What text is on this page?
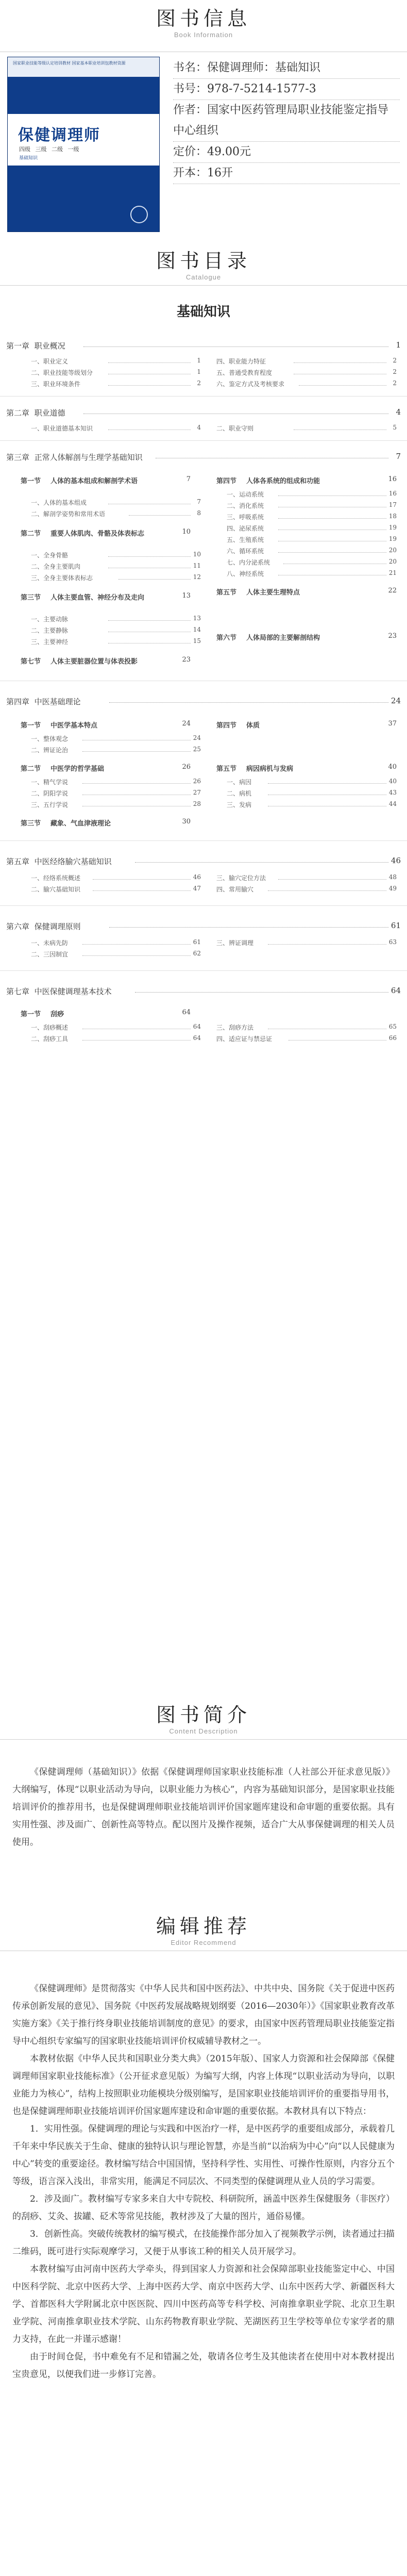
图书信息
Book Information
国家职业技能等级认定培训教材 国家基本职业培训包教材资源
保健调理师
四级 三级 二级 一级
基础知识
书名：保健调理师：基础知识
书号：978-7-5214-1577-3
作者：国家中医药管理局职业技能鉴定指导中心组织
定价：49.00元
开本：16开
图书目录
Catalogue
基础知识
第一章 职业概况	1
一、职业定义	1
二、职业技能等级划分	1
三、职业环境条件	2
四、职业能力特征	2
五、普通受教育程度	2
六、鉴定方式及考核要求	2
第二章 职业道德	4
一、职业道德基本知识	4	二、职业守则	5
第三章 正常人体解剖与生理学基础知识	7
第一节 人体的基本组成和解剖学术语	7
一、人体的基本组成	7
二、解剖学姿势和常用术语	8
第二节 重要人体肌肉、骨骼及体表标志	10
一、全身骨骼	10
二、全身主要肌肉	11
三、全身主要体表标志	12
第三节 人体主要血管、神经分布及走向	13
一、主要动脉	13
二、主要静脉	14
三、主要神经	15
第七节 人体主要脏器位置与体表投影	23
第四节 人体各系统的组成和功能	16
一、运动系统	16
二、消化系统	17
三、呼吸系统	18
四、泌尿系统	19
五、生殖系统	19
六、循环系统	20
七、内分泌系统	20
八、神经系统	21
第五节 人体主要生理特点	22
第六节 人体局部的主要解剖结构	23
第四章 中医基础理论	24
第一节 中医学基本特点	24
一、整体观念	24
二、辨证论治	25
第二节 中医学的哲学基础	26
一、精气学说	26
二、阴阳学说	27
三、五行学说	28
第三节 藏象、气血津液理论	30
第四节 体质	37
第五节 病因病机与发病	40
一、病因	40
二、病机	43
三、发病	44
第五章 中医经络腧穴基础知识	46
一、经络系统概述	46
二、腧穴基础知识	47
三、腧穴定位方法	48
四、常用腧穴	49
第六章 保健调理原则	61
一、未病先防	61
二、三因制宜	62
三、辨证调理	63
第七章 中医保健调理基本技术	64
第一节 刮痧	64
一、刮痧概述	64
二、刮痧工具	64
三、刮痧方法	65
四、适应证与禁忌证	66
图书简介
Content Description

《保健调理师（基础知识）》依据《保健调理师国家职业技能标准（人社部公开征求意见版）》大纲编写，体现“以职业活动为导向，以职业能力为核心”，内容为基础知识部分，是国家职业技能培训评价的推荐用书，也是保健调理师职业技能培训评价国家题库建设和命审题的重要依据。具有实用性强、涉及面广、创新性高等特点。配以图片及操作视频，适合广大从事保健调理的相关人员使用。

编辑推荐
Editor Recommend

《保健调理师》是贯彻落实《中华人民共和国中医药法》、中共中央、国务院《关于促进中医药传承创新发展的意见》、国务院《中医药发展战略规划纲要（2016—2030年）》《国家职业教育改革实施方案》《关于推行终身职业技能培训制度的意见》的要求，由国家中医药管理局职业技能鉴定指导中心组织专家编写的国家职业技能培训评价权威辅导教材之一。

本教材依据《中华人民共和国职业分类大典》（2015年版）、国家人力资源和社会保障部《保健调理师国家职业技能标准》（公开征求意见版）为编写大纲，内容上体现“以职业活动为导向，以职业能力为核心”，结构上按照职业功能模块分级别编写，是国家职业技能培训评价的重要指导用书，也是保健调理师职业技能培训评价国家题库建设和命审题的重要依据。本教材具有以下特点：

1．实用性强。保健调理的理论与实践和中医治疗一样，是中医药学的重要组成部分，承载着几千年来中华民族关于生命、健康的独特认识与理论智慧，亦是当前“以治病为中心”向“以人民健康为中心”转变的重要途径。教材编写结合中国国情，坚持科学性、实用性、可操作性原则，内容分五个等级，语言深入浅出，非常实用，能满足不同层次、不同类型的保健调理从业人员的学习需要。

2．涉及面广。教材编写专家多来自大中专院校、科研院所，涵盖中医养生保健服务（非医疗）的刮痧、艾灸、拔罐、砭术等常见技能，教材涉及了大量的图片，通俗易懂。

3．创新性高。突破传统教材的编写模式，在技能操作部分加入了视频教学示例，读者通过扫描二维码，既可进行实际观摩学习，又便于从事该工种的相关人员开展学习。

本教材编写由河南中医药大学牵头，得到国家人力资源和社会保障部职业技能鉴定中心、中国中医科学院、北京中医药大学、上海中医药大学、南京中医药大学、山东中医药大学、新疆医科大学、首都医科大学附属北京中医医院、四川中医药高等专科学校、河南推拿职业学院、北京卫生职业学院、河南推拿职业技术学院、山东药物教育职业学院、芜湖医药卫生学校等单位专家学者的鼎力支持，在此一并谨示感谢！

由于时间仓促，书中难免有不足和错漏之处，敬请各位考生及其他读者在使用中对本教材提出宝贵意见，以便我们进一步修订完善。
